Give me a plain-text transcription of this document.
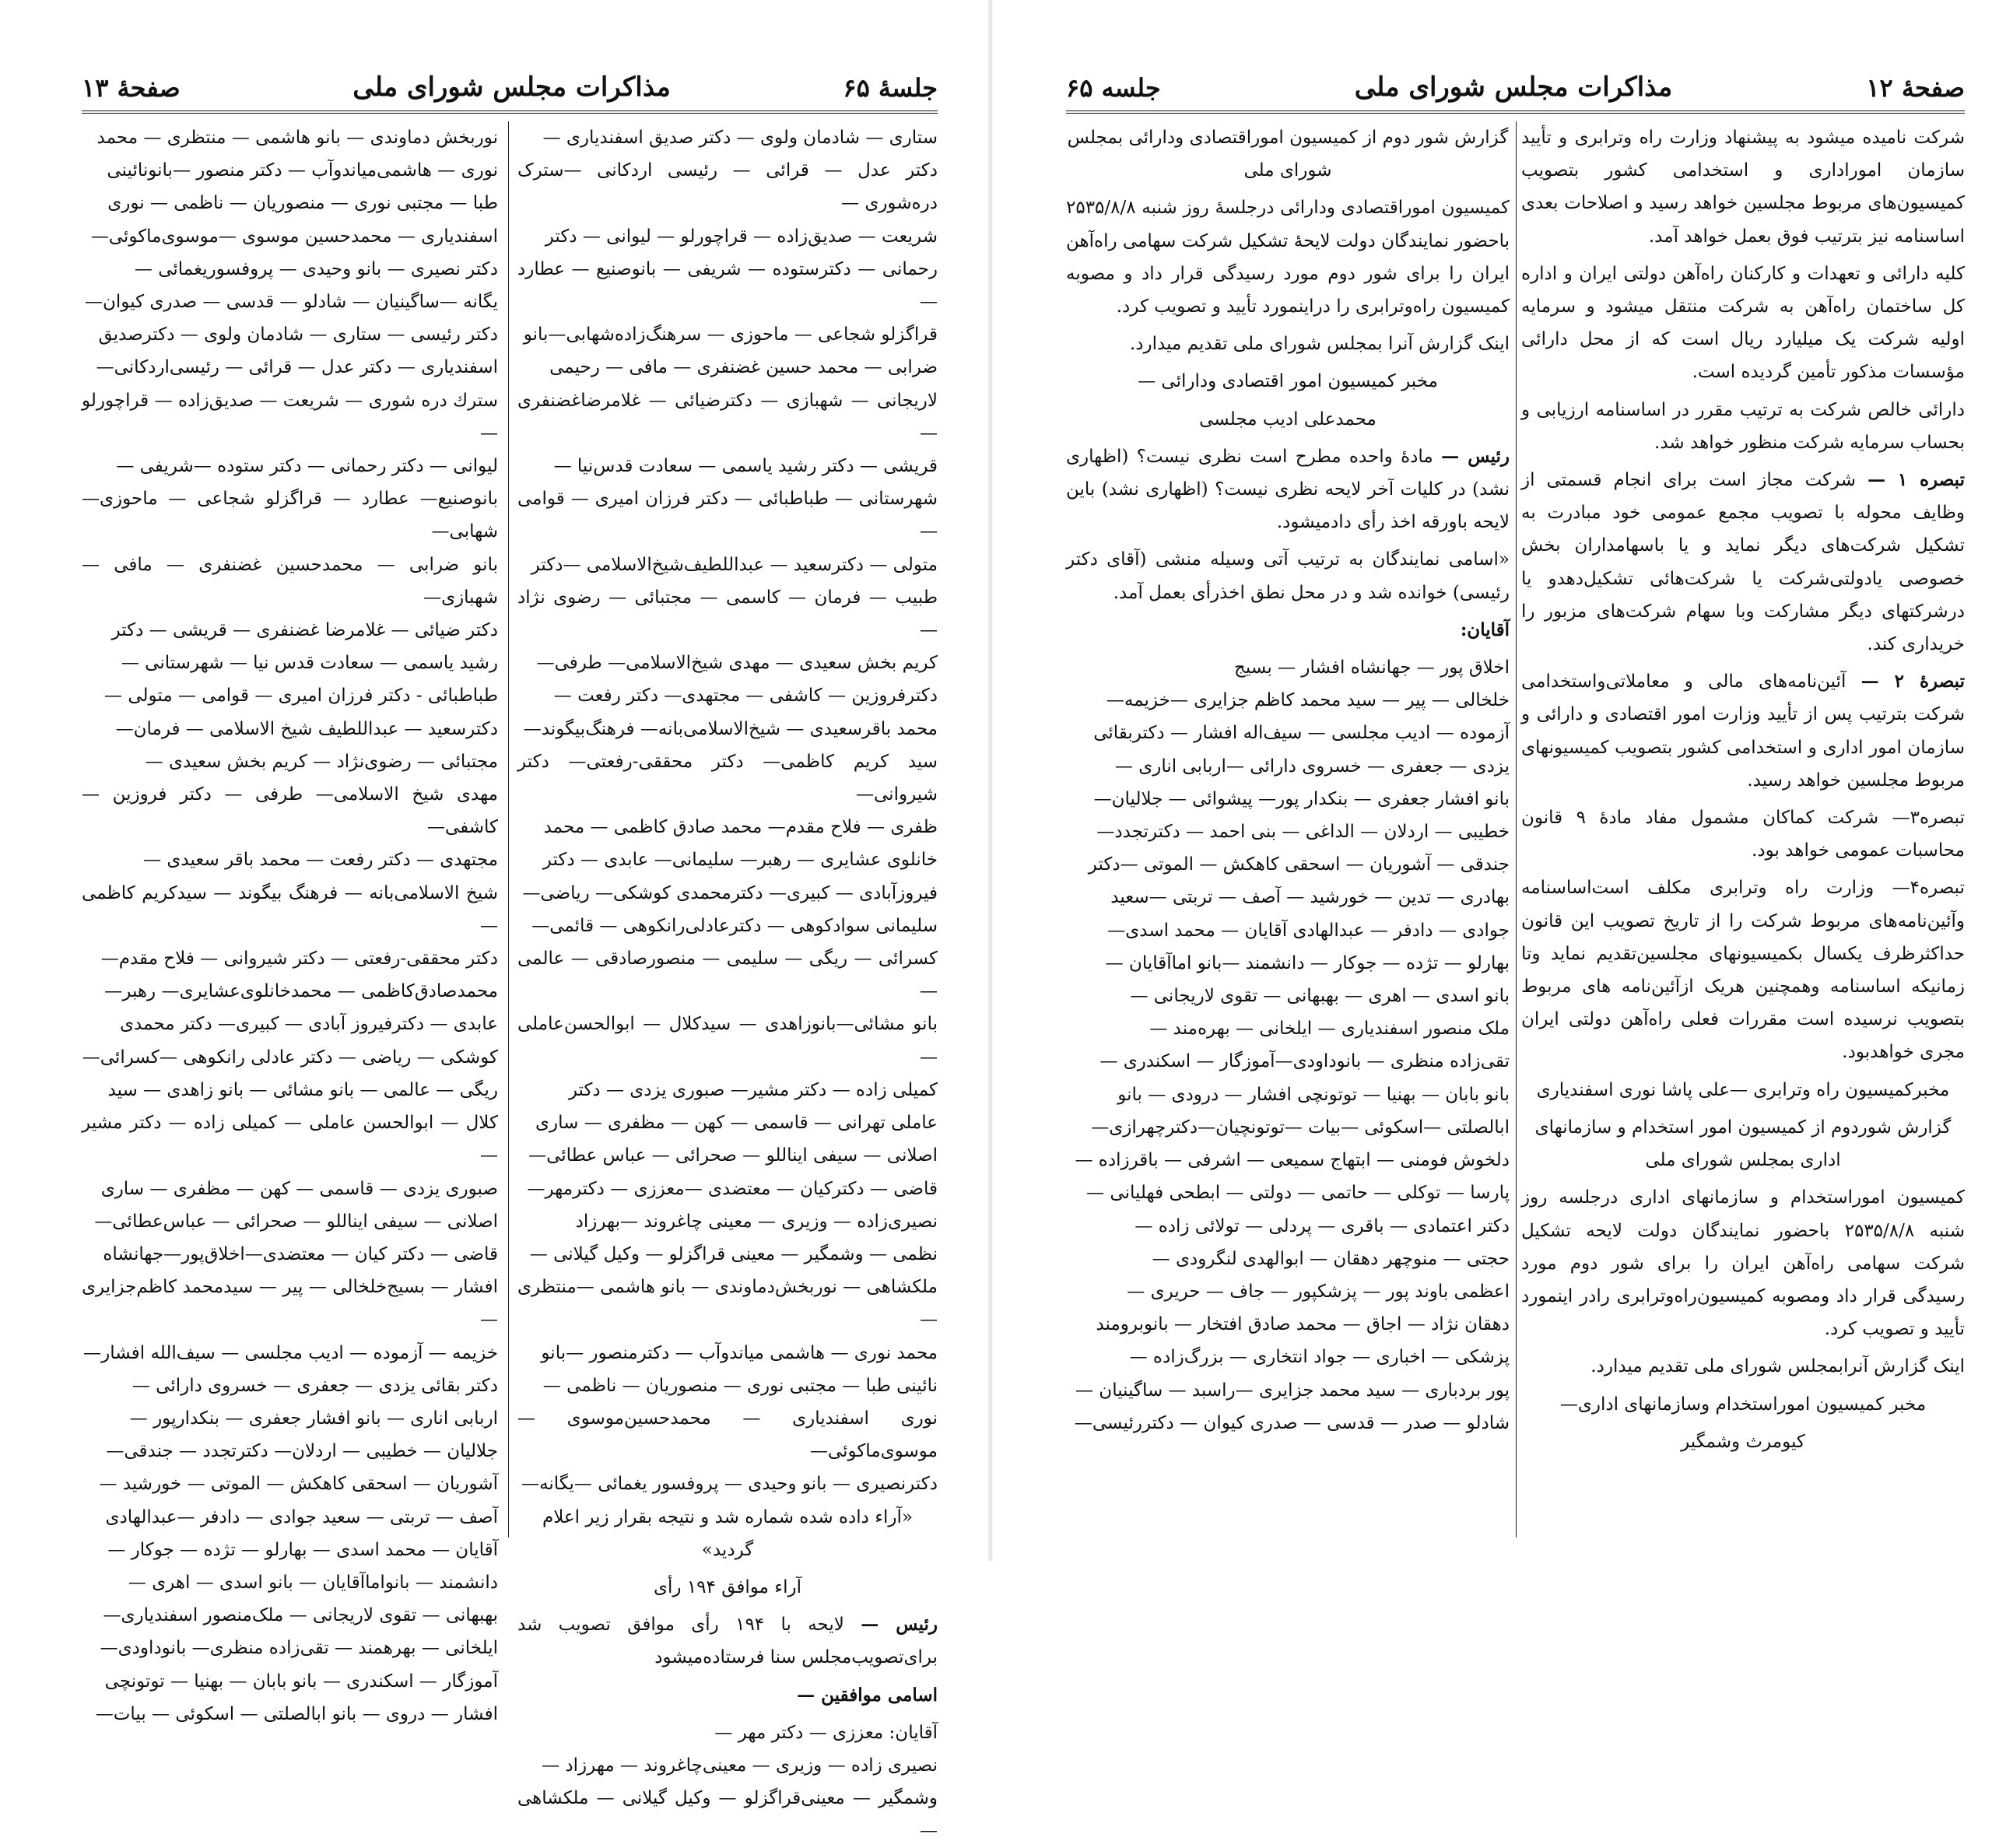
جلسهٔ ۶۵
مذاکرات مجلس شورای ملی
صفحهٔ ۱۳
ستاری — شادمان ولوی — دکتر صدیق اسفندیاری —
دکتر عدل — قرائی — رئیسی اردکانی —سترک دره‌شوری —
شریعت — صدیق‌زاده — قراچورلو — لیوانی — دکتر
رحمانی — دکترستوده — شریفی — بانوصنیع — عطارد—
قراگزلو شجاعی — ماحوزی — سرهنگ‌زاده‌شهابی—بانو
ضرابی — محمد حسین غضنفری — مافی — رحیمی
لاریجانی — شهبازی — دکترضیائی — غلامرضاغضنفری—
قریشی — دکتر رشید یاسمی — سعادت قدس‌نیا —
شهرستانی — طباطبائی — دکتر فرزان امیری — قوامی —
متولی — دکترسعید — عبداللطیف‌شیخ‌الاسلامی —دکتر
طبیب — فرمان — کاسمی — مجتبائی — رضوی نژاد —
کریم بخش سعیدی — مهدی شیخ‌الاسلامی— طرفی—
دکترفروزین — کاشفی — مجتهدی— دکتر رفعت —
محمد باقرسعیدی — شیخ‌الاسلامی‌بانه— فرهنگ‌بیگوند—
سید کریم کاظمی— دکتر محققی-رفعتی— دکتر شیروانی—
ظفری — فلاح مقدم— محمد صادق کاظمی — محمد
خانلوی عشایری — رهبر— سلیمانی— عابدی — دکتر
فیروزآبادی — کبیری— دکترمحمدی کوشکی— ریاضی—
سلیمانی سوادکوهی — دکترعادلی‌رانکوهی — قائمی—
کسرائی — ریگی — سلیمی — منصورصادقی — عالمی —
بانو مشائی—بانوزاهدی — سیدکلال — ابوالحسن‌عاملی—
کمیلی زاده — دکتر مشیر— صبوری یزدی — دکتر
عاملی تهرانی — قاسمی — کهن — مظفری — ساری
اصلانی — سیفی ایناللو — صحرائی — عباس عطائی—
قاضی — دکترکیان — معتضدی —معززی — دکترمهر—
نصیری‌زاده — وزیری — معینی چاغروند —بهرزاد
نظمی — وشمگیر — معینی قراگزلو — وکیل گیلانی —
ملکشاهی — نوربخش‌دماوندی — بانو هاشمی —منتظری—
محمد نوری — هاشمی میاندوآب — دکترمنصور —بانو
نائینی طبا — مجتبی نوری — منصوریان — ناظمی —
نوری اسفندیاری — محمدحسین‌موسوی —موسوی‌ماکوئی—
دکترنصیری — بانو وحیدی — پروفسور یغمائی —یگانه—

«آراء داده شده شماره شد و نتیجه بقرار زیر اعلام گردید»

آراء موافق ۱۹۴ رأی

رئیس — لایحه با ۱۹۴ رأی موافق تصویب شد برای‌تصویب‌مجلس سنا فرستاده‌میشود

اسامی موافقین —

آقایان: معززی — دکتر مهر —
نصیری زاده — وزیری — معینی‌چاغروند — مهرزاد —
وشمگیر — معینی‌قراگزلو — وکیل گیلانی — ملکشاهی—
نوربخش دماوندی — بانو هاشمی — منتظری — محمد
نوری — هاشمی‌میاندوآب — دکتر منصور —بانونائینی
طبا — مجتبی نوری — منصوریان — ناظمی — نوری
اسفندیاری — محمدحسین موسوی —موسوی‌ماکوئی—
دکتر نصیری — بانو وحیدی — پروفسوریغمائی —
یگانه —ساگینیان — شادلو — قدسی — صدری کیوان—
دکتر رئیسی — ستاری — شادمان ولوی — دکترصدیق
اسفندیاری — دکتر عدل — قرائی — رئیسی‌اردکانی—
سترك دره شوری — شریعت — صدیق‌زاده — قراچورلو —
لیوانی — دکتر رحمانی — دکتر ستوده —شریفی —
بانوصنیع— عطارد — قراگزلو شجاعی — ماحوزی—شهابی—
بانو ضرابی — محمدحسین غضنفری — مافی — شهبازی—
دکتر ضیائی — غلامرضا غضنفری — قریشی — دکتر
رشید یاسمی — سعادت قدس نیا — شهرستانی —
طباطبائی - دکتر فرزان امیری — قوامی — متولی —
دکترسعید — عبداللطیف شیخ الاسلامی — فرمان—
مجتبائی — رضوی‌نژاد — کریم بخش سعیدی —
مهدی شیخ الاسلامی— طرفی — دکتر فروزین — کاشفی—
مجتهدی — دکتر رفعت — محمد باقر سعیدی —
شیخ الاسلامی‌بانه — فرهنگ بیگوند — سیدکریم کاظمی—
دکتر محققی-رفعتی — دکتر شیروانی — فلاح مقدم—
محمدصادق‌کاظمی — محمدخانلوی‌عشایری— رهبر—
عابدی — دکترفیروز آبادی — کبیری— دکتر محمدی
کوشکی — ریاضی — دکتر عادلی رانکوهی —کسرائی—
ریگی — عالمی — بانو مشائی — بانو زاهدی — سید
کلال — ابوالحسن عاملی — کمیلی زاده — دکتر مشیر—
صبوری یزدی — قاسمی — کهن — مظفری — ساری
اصلانی — سیفی ایناللو — صحرائی — عباس‌عطائی—
قاضی — دکتر کیان — معتضدی—اخلاق‌پور—جهانشاه
افشار — بسیج‌خلخالی — پیر — سیدمحمد کاظم‌جزایری—
خزیمه — آزموده — ادیب مجلسی — سیف‌الله افشار—
دکتر بقائی یزدی — جعفری — خسروی دارائی —
اربابی اناری — بانو افشار جعفری — بنکدارپور —
جلالیان — خطیبی — اردلان— دکترتجدد — جندقی—
آشوریان — اسحقی کاهکش — الموتی — خورشید —
آصف — تربتی — سعید جوادی — دادفر —عبدالهادی
آقایان — محمد اسدی — بهارلو — تژده — جوکار —
دانشمند — بانواماآقایان — بانو اسدی — اهری —
بهبهانی — تقوی لاریجانی — ملک‌منصور اسفندیاری—
ایلخانی — بهرهمند — تقی‌زاده منظری— بانوداودی—
آموزگار — اسکندری — بانو بابان — بهنیا — توتونچی
افشار — دروی — بانو ابالصلتی — اسکوئی — بیات—
صفحهٔ ۱۲
مذاکرات مجلس شورای ملی
جلسه ۶۵

شرکت نامیده میشود به پیشنهاد وزارت راه وترابری و تأیید سازمان اموراداری و استخدامی کشور بتصویب کمیسیون‌های مربوط مجلسین خواهد رسید و اصلاحات بعدی اساسنامه نیز بترتیب فوق بعمل خواهد آمد.

کلیه دارائی و تعهدات و کارکنان راه‌آهن دولتی ایران و اداره کل ساختمان راه‌آهن به شرکت منتقل میشود و سرمایه اولیه شرکت یک میلیارد ریال است که از محل دارائی مؤسسات مذکور تأمین گردیده است.

دارائی خالص شرکت به ترتیب مقرر در اساسنامه ارزیابی و بحساب سرمایه شرکت منظور خواهد شد.

تبصره ۱ — شرکت مجاز است برای انجام قسمتی از وظایف محوله با تصویب مجمع عمومی خود مبادرت به تشکیل شرکت‌های دیگر نماید و یا باسهامداران بخش خصوصی یادولتی‌شرکت یا شرکت‌هائی تشکیل‌دهدو یا درشرکتهای دیگر مشارکت وبا سهام شرکت‌های مزبور را خریداری کند.

تبصرهٔ ۲ — آئین‌نامه‌های مالی و معاملاتی‌واستخدامی شرکت بترتیب پس از تأیید وزارت امور اقتصادی و دارائی و سازمان امور اداری و استخدامی کشور بتصویب کمیسیونهای مربوط مجلسین خواهد رسید.

تبصره۳— شرکت کماکان مشمول مفاد مادهٔ ۹ قانون محاسبات عمومی خواهد بود.

تبصره۴— وزارت راه وترابری مکلف است‌اساسنامه وآئین‌نامه‌های مربوط شرکت را از تاریخ تصویب این قانون حداکثرظرف یکسال بکمیسیونهای مجلسین‌تقدیم نماید وتا زمانیکه اساسنامه وهمچنین هریک ازآئین‌نامه های مربوط بتصویب نرسیده است مقررات فعلی راه‌آهن دولتی ایران مجری خواهدبود.

مخبرکمیسیون راه وترابری —علی پاشا نوری اسفندیاری

گزارش شوردوم از کمیسیون امور استخدام و سازمانهای اداری بمجلس شورای ملی

کمیسیون اموراستخدام و سازمانهای اداری درجلسه روز شنبه ۲۵۳۵/۸/۸ باحضور نمایندگان دولت لایحه تشکیل شرکت سهامی راه‌آهن ایران را برای شور دوم مورد رسیدگی قرار داد ومصوبه کمیسیون‌راه‌وترابری رادر اینمورد تأیید و تصویب کرد.

اینک گزارش آنرابمجلس شورای ملی تقدیم میدارد.

مخبر کمیسیون اموراستخدام وسازمانهای اداری—

کیومرث وشمگیر

گزارش شور دوم از کمیسیون اموراقتصادی ودارائی بمجلس شورای ملی

کمیسیون اموراقتصادی ودارائی درجلسهٔ روز شنبه ۲۵۳۵/۸/۸ باحضور نمایندگان دولت لایحهٔ تشکیل شرکت سهامی راه‌آهن ایران را برای شور دوم مورد رسیدگی قرار داد و مصوبه کمیسیون راه‌وترابری را دراینمورد تأیید و تصویب کرد.

اینک گزارش آنرا بمجلس شورای ملی تقدیم میدارد.

مخبر کمیسیون امور اقتصادی ودارائی —

محمدعلی ادیب مجلسی

رئیس — مادهٔ واحده مطرح است نظری نیست؟ (اظهاری نشد) در کلیات آخر لایحه نظری نیست؟ (اظهاری نشد) باین لایحه باورقه اخذ رأی دادمیشود.

«اسامی نمایندگان به ترتیب آتی وسیله منشی (آقای دکتر رئیسی) خوانده شد و در محل نطق اخذرأی بعمل آمد.

آقایان:

اخلاق پور — جهانشاه افشار — بسیج
خلخالی — پیر — سید محمد کاظم جزایری —خزیمه—
آزموده — ادیب مجلسی — سیف‌اله افشار — دکتربقائی
یزدی — جعفری — خسروی دارائی —اربابی اناری —
بانو افشار جعفری — بنکدار پور— پیشوائی — جلالیان—
خطیبی — اردلان — الداغی — بنی احمد — دکترتجدد—
جندقی — آشوریان — اسحقی کاهکش — الموتی —دکتر
بهادری — تدین — خورشید — آصف — تربتی —سعید
جوادی — دادفر — عبدالهادی آقایان — محمد اسدی—
بهارلو — تژده — جوکار — دانشمند —بانو اماآقایان —
بانو اسدی — اهری — بهبهانی — تقوی لاریجانی —
ملک منصور اسفندیاری — ایلخانی — بهره‌مند —
تقی‌زاده منظری — بانوداودی—آموزگار — اسکندری —
بانو بابان — بهنیا — توتونچی افشار — درودی — بانو
ابالصلتی —اسکوئی —بیات —توتونچیان—دکترچهرازی—
دلخوش فومنی — ابتهاج سمیعی — اشرفی — باقرزاده —
پارسا — توکلی — حاتمی — دولتی — ابطحی فهلیانی —
دکتر اعتمادی — باقری — پردلی — تولائی زاده —
حجتی — منوچهر دهقان — ابوالهدی لنگرودی —
اعظمی باوند پور — پزشکپور — جاف — حریری —
دهقان نژاد — اجاق — محمد صادق افتخار — بانوبرومند
پزشکی — اخباری — جواد انتخاری — بزرگ‌زاده —
پور بردباری — سید محمد جزایری —راسبد — ساگینیان —
شادلو — صدر — قدسی — صدری کیوان — دکتررئیسی—
